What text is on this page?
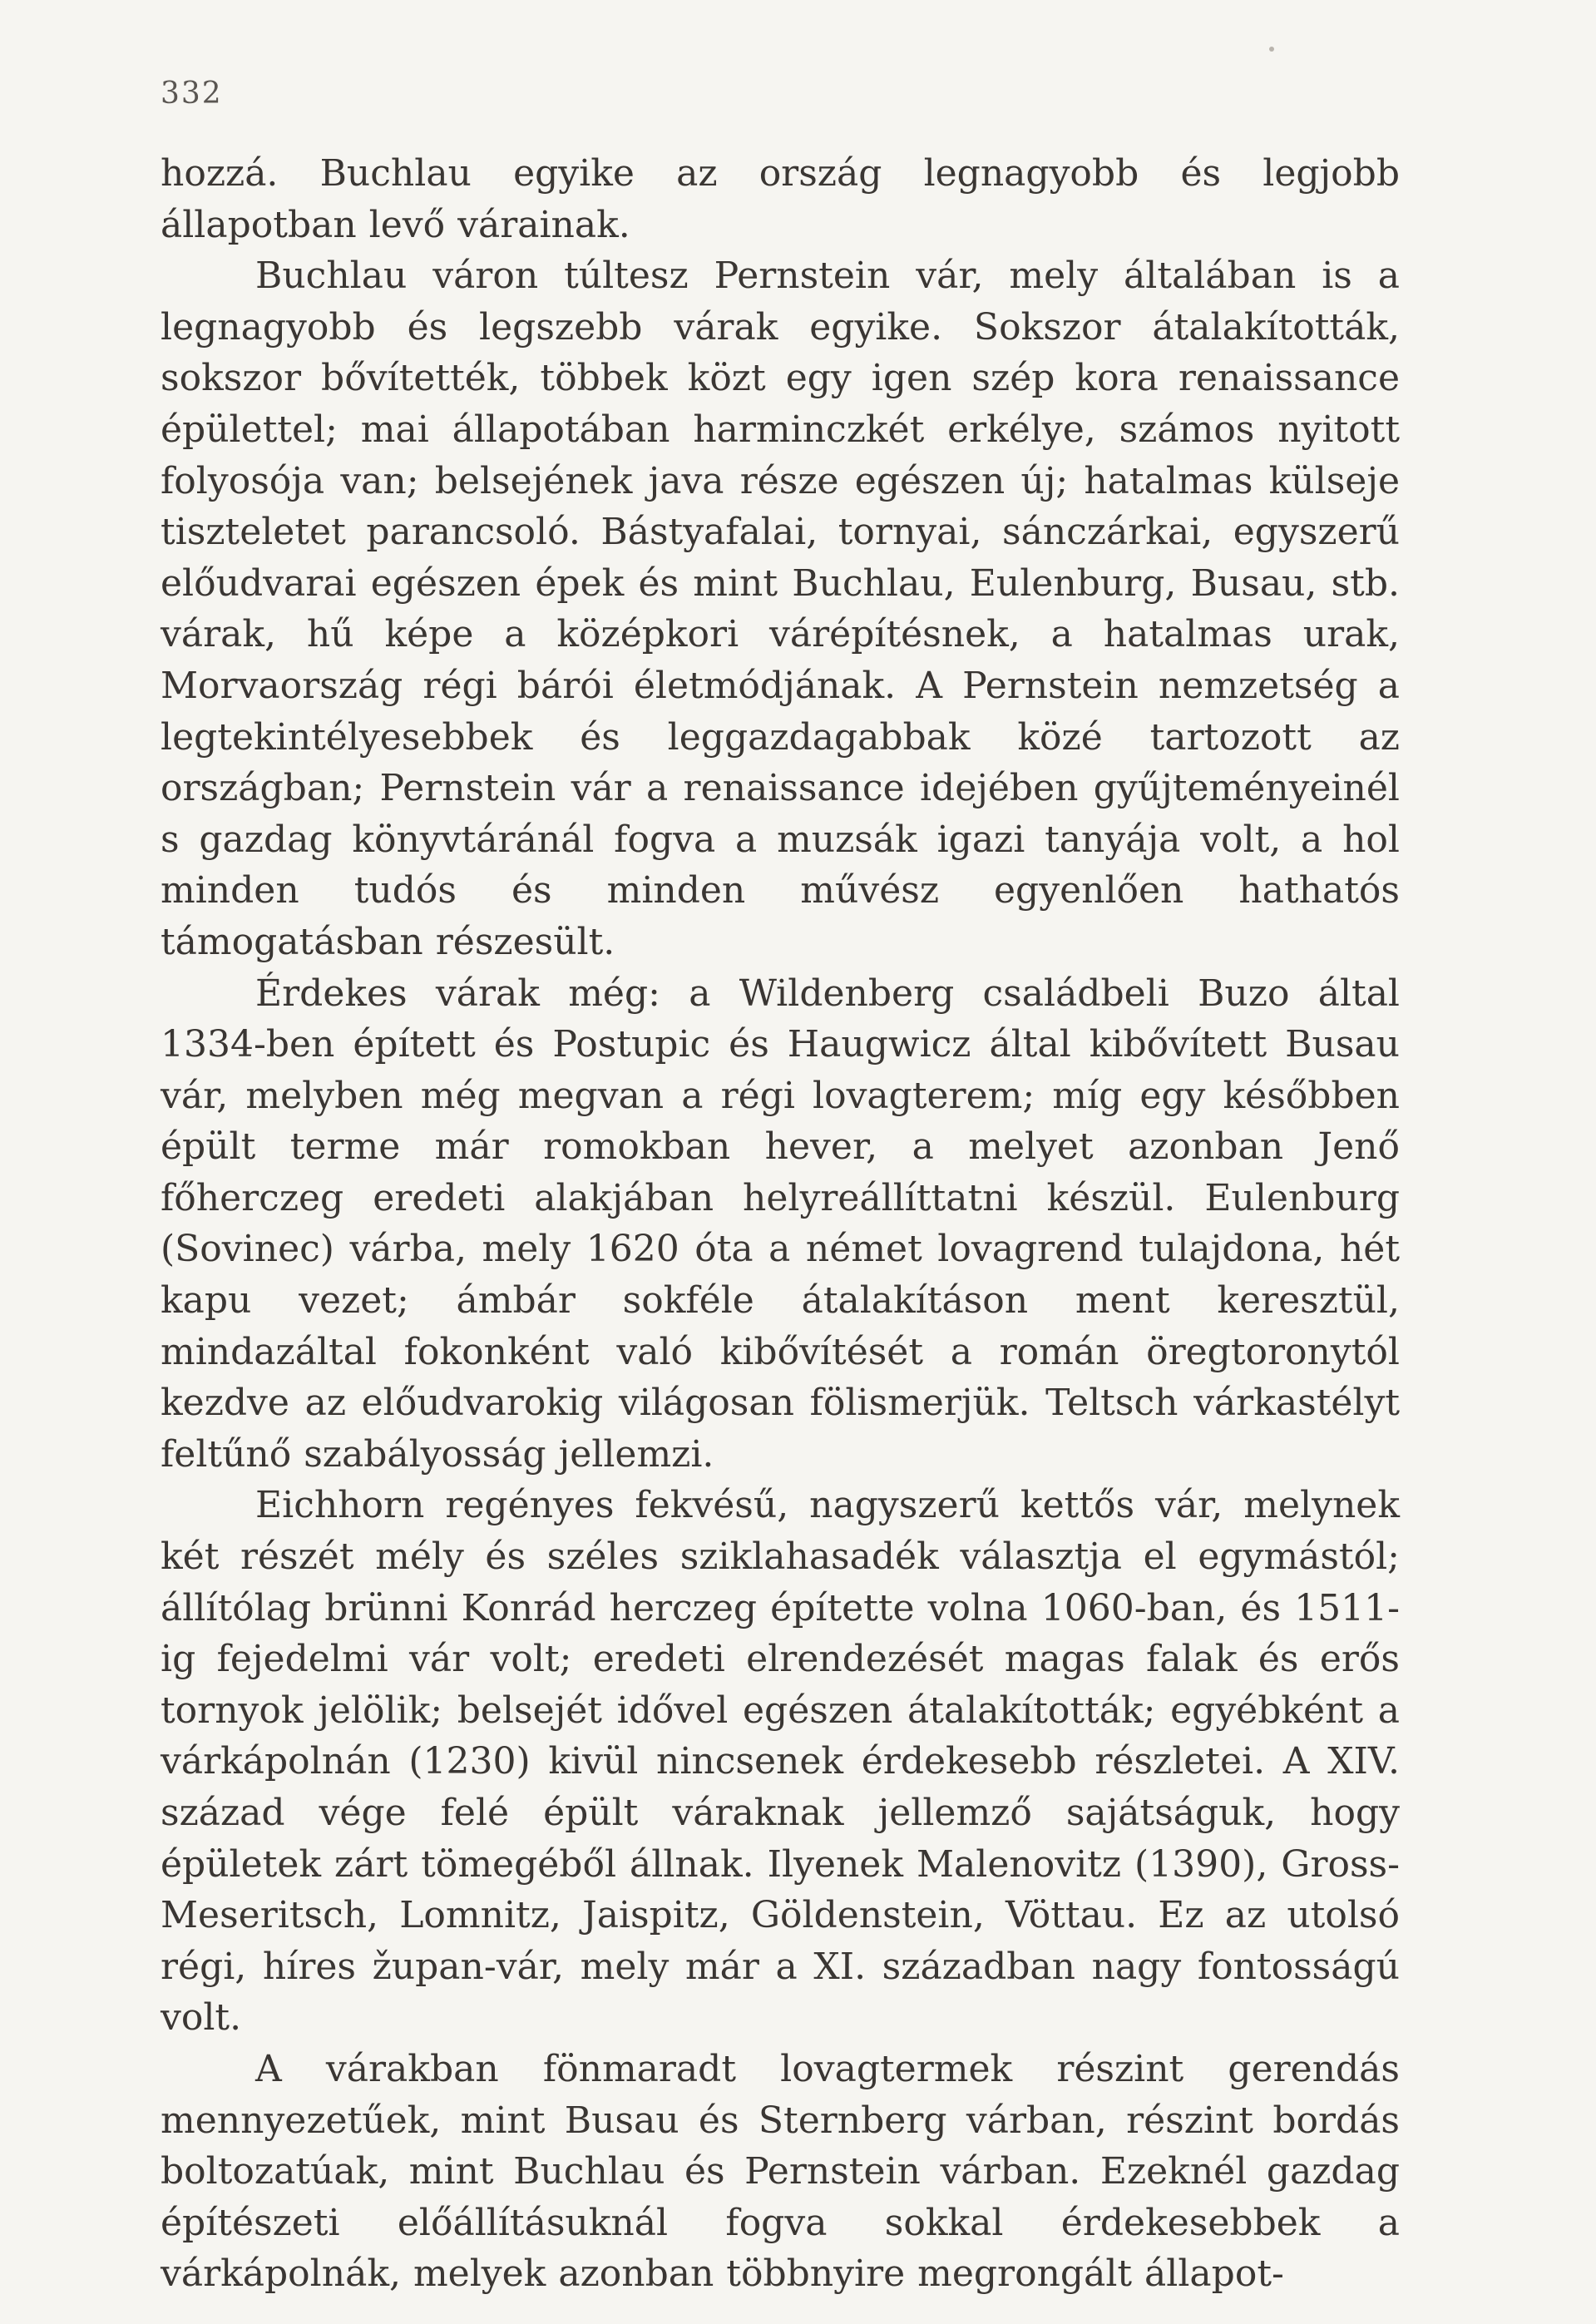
332

hozzá. Buchlau egyike az ország legnagyobb és legjobb állapotban levő várainak.

Buchlau váron túltesz Pernstein vár, mely általában is a legnagyobb és legszebb várak egyike. Sokszor átalakították, sokszor bővítették, többek közt egy igen szép kora renaissance épülettel; mai állapotában harminczkét erkélye, számos nyitott folyosója van; belsejének java része egészen új; hatalmas külseje tiszteletet parancsoló. Bástyafalai, tornyai, sánczárkai, egyszerű előudvarai egészen épek és mint Buchlau, Eulenburg, Busau, stb. várak, hű képe a középkori várépítésnek, a hatalmas urak, Morvaország régi bárói életmódjának. A Pernstein nemzetség a legtekintélyesebbek és leggazdagabbak közé tartozott az országban; Pernstein vár a renaissance idejében gyűjteményeinél s gazdag könyvtáránál fogva a muzsák igazi tanyája volt, a hol minden tudós és minden művész egyenlően hathatós támogatásban részesült.

Érdekes várak még: a Wildenberg családbeli Buzo által 1334-ben épített és Postupic és Haugwicz által kibővített Busau vár, melyben még megvan a régi lovagterem; míg egy későbben épült terme már romokban hever, a melyet azonban Jenő főherczeg eredeti alakjában helyreállíttatni készül. Eulenburg (Sovinec) várba, mely 1620 óta a német lovagrend tulajdona, hét kapu vezet; ámbár sokféle átalakításon ment keresztül, mindazáltal fokonként való kibővítését a román öregtoronytól kezdve az előudvarokig világosan fölismerjük. Teltsch várkastélyt feltűnő szabályosság jellemzi.

Eichhorn regényes fekvésű, nagyszerű kettős vár, melynek két részét mély és széles sziklahasadék választja el egymástól; állítólag brünni Konrád herczeg építette volna 1060-ban, és 1511-ig fejedelmi vár volt; eredeti elrendezését magas falak és erős tornyok jelölik; belsejét idővel egészen átalakították; egyébként a várkápolnán (1230) kivül nincsenek érdekesebb részletei. A XIV. század vége felé épült váraknak jellemző sajátságuk, hogy épületek zárt tömegéből állnak. Ilyenek Malenovitz (1390), Gross-Meseritsch, Lomnitz, Jaispitz, Göldenstein, Vöttau. Ez az utolsó régi, híres župan-vár, mely már a XI. században nagy fontosságú volt.

A várakban fönmaradt lovagtermek részint gerendás mennyezetűek, mint Busau és Sternberg várban, részint bordás boltozatúak, mint Buchlau és Pernstein várban. Ezeknél gazdag építészeti előállításuknál fogva sokkal érdekesebbek a várkápolnák, melyek azonban többnyire megrongált állapot-
